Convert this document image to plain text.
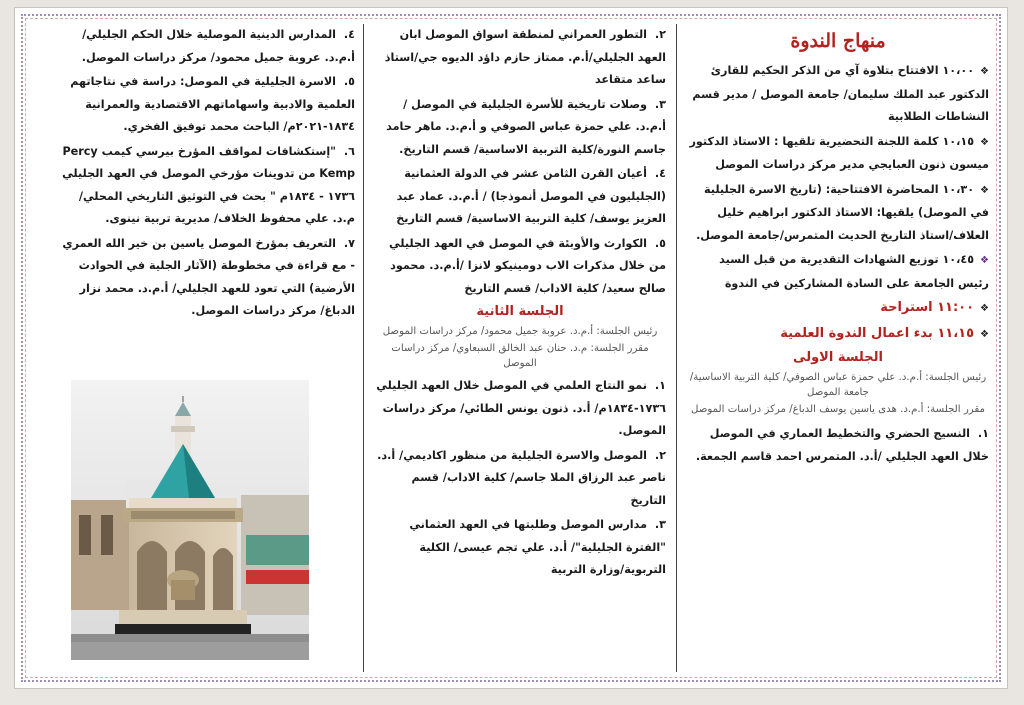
منهاج الندوة

❖١٠،٠٠ الافتتاح بتلاوة آي من الذكر الحكيم للقارئ الدكتور عبد الملك سليمان/ جامعة الموصل / مدير قسم النشاطات الطلابية

❖١٠،١٥ كلمة اللجنة التحضيرية تلقيها : الاستاذ الدكتور ميسون ذنون العبايجي مدير مركز دراسات الموصل

❖١٠،٣٠ المحاضرة الافتتاحية: (تاريخ الاسرة الجليلية في الموصل) يلقيها: الاستاذ الدكتور ابراهيم خليل العلاف/استاذ التاريخ الحديث المتمرس/جامعة الموصل.

❖١٠،٤٥ توزيع الشهادات التقديرية من قبل السيد رئيس الجامعة على السادة المشاركين في الندوة

❖١١:٠٠ استراحة

❖١١،١٥ بدء اعمال الندوة العلمية

الجلسة الاولى
رئيس الجلسة: أ.م.د. علي حمزة عباس الصوفي/ كلية التربية الاساسية/جامعة الموصل
مقرر الجلسة: أ.م.د. هدى ياسين يوسف الدباغ/ مركز دراسات الموصل

١. النسيج الحضري والتخطيط العماري في الموصل خلال العهد الجليلي /أ.د. المتمرس احمد قاسم الجمعة.

٢. التطور العمراني لمنطقة اسواق الموصل ابان العهد الجليلي/أ.م. ممتاز حازم داؤد الديوه جي/استاذ ساعد متقاعد

٣. وصلات تاريخية للأسرة الجليلية في الموصل /أ.م.د. علي حمزة عباس الصوفي و أ.م.د. ماهر حامد جاسم النورة/كلية التربية الاساسية/ قسم التاريخ.

٤. أعيان القرن الثامن عشر في الدولة العثمانية (الجليليون في الموصل أنموذجا) / أ.م.د. عماد عبد العزيز يوسف/ كلية التربية الاساسية/ قسم التاريخ

٥. الكوارث والأوبئة في الموصل في العهد الجليلي من خلال مذكرات الاب دومينيكو لانزا /أ.م.د. محمود صالح سعيد/ كلية الاداب/ قسم التاريخ

الجلسة الثانية
رئيس الجلسة: أ.م.د. عروبة جميل محمود/ مركز دراسات الموصل
مقرر الجلسة: م.د. حنان عبد الخالق السبعاوي/ مركز دراسات الموصل

١. نمو النتاج العلمي في الموصل خلال العهد الجليلي ١٧٣٦-١٨٣٤م/ أ.د. ذنون يونس الطائي/ مركز دراسات الموصل.

٢. الموصل والاسرة الجليلية من منظور اكاديمي/ أ.د. ناصر عبد الرزاق الملا جاسم/ كلية الاداب/ قسم التاريخ

٣. مدارس الموصل وطلبتها في العهد العثماني "الفترة الجليلية"/ أ.د. علي تجم عيسى/ الكلية التربوية/وزارة التربية

٤. المدارس الدينية الموصلية خلال الحكم الجليلي/ أ.م.د. عروبة جميل محمود/ مركز دراسات الموصل.

٥. الاسرة الجليلية في الموصل: دراسة في نتاجاتهم العلمية والادبية واسهاماتهم الاقتصادية والعمرانية ١٨٣٤-٢٠٢١م/ الباحث محمد توفيق الفخري.

٦. "إستكشافات لمواقف المؤرخ بيرسي كيمب Percy Kemp من تدوينات مؤرخي الموصل في العهد الجليلي ١٧٣٦ - ١٨٣٤م " بحث في التوثيق التاريخي المحلي/ م.د. علي محفوظ الخلاف/ مديرية تربية نينوى.

٧. التعريف بمؤرخ الموصل ياسين بن خير الله العمري - مع قراءة في مخطوطة (الآثار الجلية في الحوادث الأرضية) التي تعود للعهد الجليلي/ أ.م.د. محمد نزار الدباغ/ مركز دراسات الموصل.
